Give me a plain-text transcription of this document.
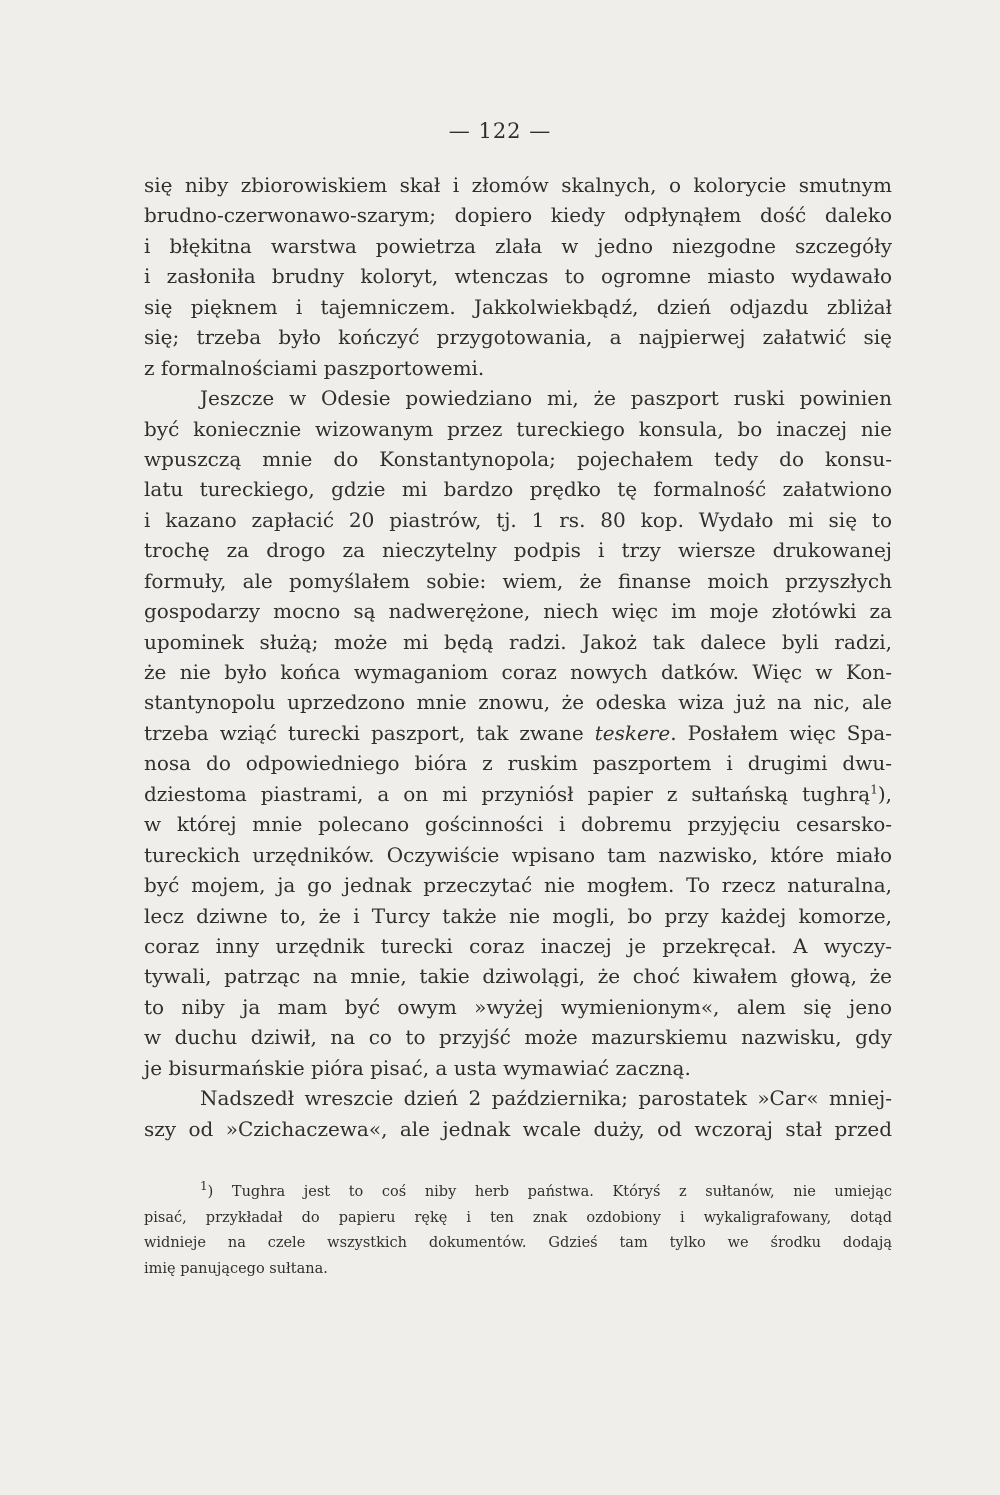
— 122 —
się niby zbiorowiskiem skał i złomów skalnych, o kolorycie smutnym
brudno-czerwonawo-szarym; dopiero kiedy odpłynąłem dość daleko
i błękitna warstwa powietrza zlała w jedno niezgodne szczegóły
i zasłoniła brudny koloryt, wtenczas to ogromne miasto wydawało
się pięknem i tajemniczem. Jakkolwiekbądź, dzień odjazdu zbliżał
się; trzeba było kończyć przygotowania, a najpierwej załatwić się
z formalnościami paszportowemi.
Jeszcze w Odesie powiedziano mi, że paszport ruski powinien
być koniecznie wizowanym przez tureckiego konsula, bo inaczej nie
wpuszczą mnie do Konstantynopola; pojechałem tedy do konsu-
latu tureckiego, gdzie mi bardzo prędko tę formalność załatwiono
i kazano zapłacić 20 piastrów, tj. 1 rs. 80 kop. Wydało mi się to
trochę za drogo za nieczytelny podpis i trzy wiersze drukowanej
formuły, ale pomyślałem sobie: wiem, że finanse moich przyszłych
gospodarzy mocno są nadwerężone, niech więc im moje złotówki za
upominek służą; może mi będą radzi. Jakoż tak dalece byli radzi,
że nie było końca wymaganiom coraz nowych datków. Więc w Kon-
stantynopolu uprzedzono mnie znowu, że odeska wiza już na nic, ale
trzeba wziąć turecki paszport, tak zwane teskere. Posłałem więc Spa-
nosa do odpowiedniego bióra z ruskim paszportem i drugimi dwu-
dziestoma piastrami, a on mi przyniósł papier z sułtańską tughrą$^1$),
w której mnie polecano gościnności i dobremu przyjęciu cesarsko-
tureckich urzędników. Oczywiście wpisano tam nazwisko, które miało
być mojem, ja go jednak przeczytać nie mogłem. To rzecz naturalna,
lecz dziwne to, że i Turcy także nie mogli, bo przy każdej komorze,
coraz inny urzędnik turecki coraz inaczej je przekręcał. A wyczy-
tywali, patrząc na mnie, takie dziwolągi, że choć kiwałem głową, że
to niby ja mam być owym »wyżej wymienionym«, alem się jeno
w duchu dziwił, na co to przyjść może mazurskiemu nazwisku, gdy
je bisurmańskie pióra pisać, a usta wymawiać zaczną.
Nadszedł wreszcie dzień 2 października; parostatek »Car« mniej-
szy od »Czichaczewa«, ale jednak wcale duży, od wczoraj stał przed
$^1$) Tughra jest to coś niby herb państwa. Któryś z sułtanów, nie umiejąc
pisać, przykładał do papieru rękę i ten znak ozdobiony i wykaligrafowany, dotąd
widnieje na czele wszystkich dokumentów. Gdzieś tam tylko we środku dodają
imię panującego sułtana.
